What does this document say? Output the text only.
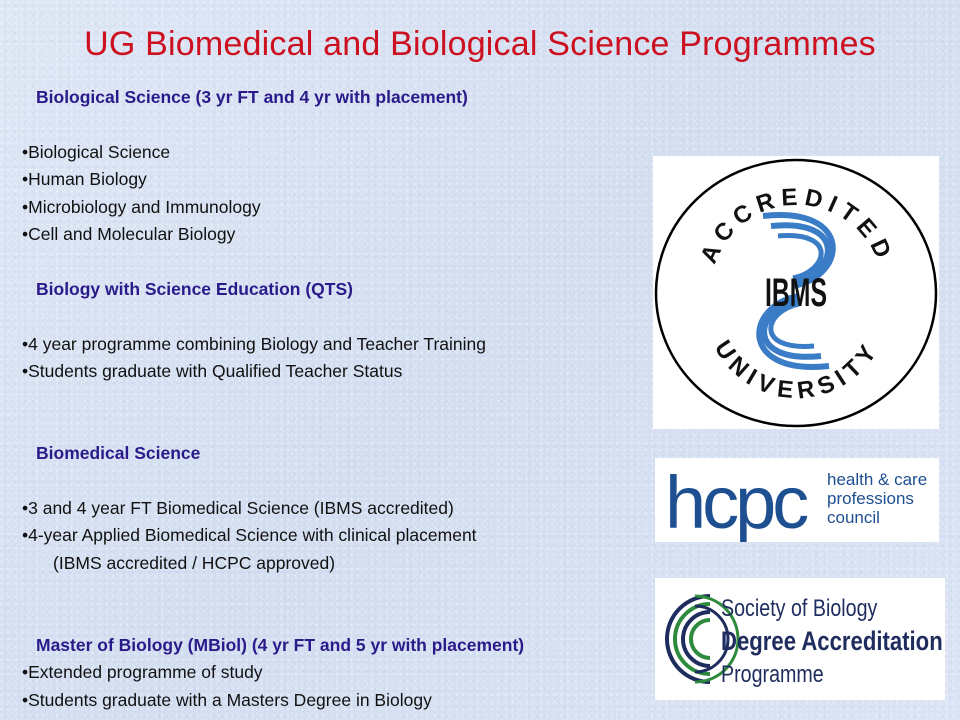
UG Biomedical and Biological Science Programmes
Biological Science (3 yr FT and 4 yr with placement)
•Biological Science
•Human Biology
•Microbiology and Immunology
•Cell and Molecular Biology
Biology with Science Education (QTS)
•4 year programme combining Biology and Teacher Training
•Students graduate with Qualified Teacher Status
Biomedical Science
•3 and 4 year FT Biomedical Science (IBMS accredited)
•4-year Applied Biomedical Science with clinical placement
(IBMS accredited / HCPC approved)
Master of Biology (MBiol) (4 yr FT and 5 yr with placement)
•Extended programme of study
•Students graduate with a Masters Degree in Biology
IBMS
ACCREDITED
UNIVERSITY
hcpc health & care
professions
council
Society of Biology
Degree Accreditation
Programme
